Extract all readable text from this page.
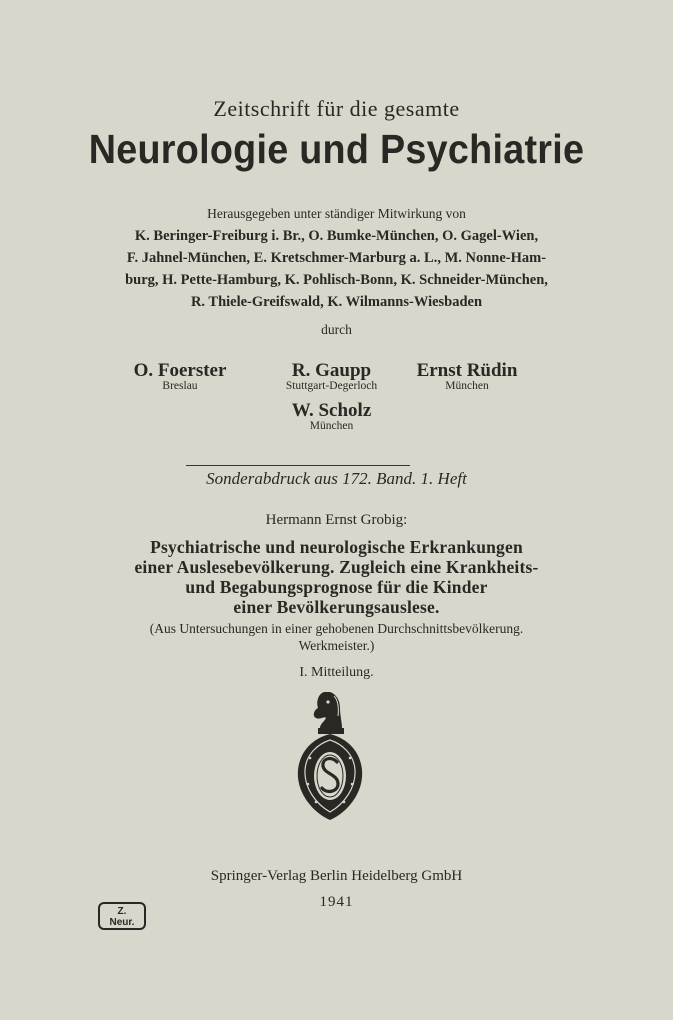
Zeitschrift für die gesamte
Neurologie und Psychiatrie
Herausgegeben unter ständiger Mitwirkung von
K. Beringer-Freiburg i. Br., O. Bumke-München, O. Gagel-Wien,
F. Jahnel-München, E. Kretschmer-Marburg a. L., M. Nonne-Ham-
burg, H. Pette-Hamburg, K. Pohlisch-Bonn, K. Schneider-München,
R. Thiele-Greifswald, K. Wilmanns-Wiesbaden
durch
O. Foerster
Breslau
R. Gaupp
Stuttgart-Degerloch
Ernst Rüdin
München
W. Scholz
München
Sonderabdruck aus 172. Band. 1. Heft
Hermann Ernst Grobig:
Psychiatrische und neurologische Erkrankungen
einer Auslesebevölkerung. Zugleich eine Krankheits-
und Begabungsprognose für die Kinder
einer Bevölkerungsauslese.
(Aus Untersuchungen in einer gehobenen Durchschnittsbevölkerung.
Werkmeister.)
I. Mitteilung.
Springer-Verlag Berlin Heidelberg GmbH
1941
Z.
Neur.
